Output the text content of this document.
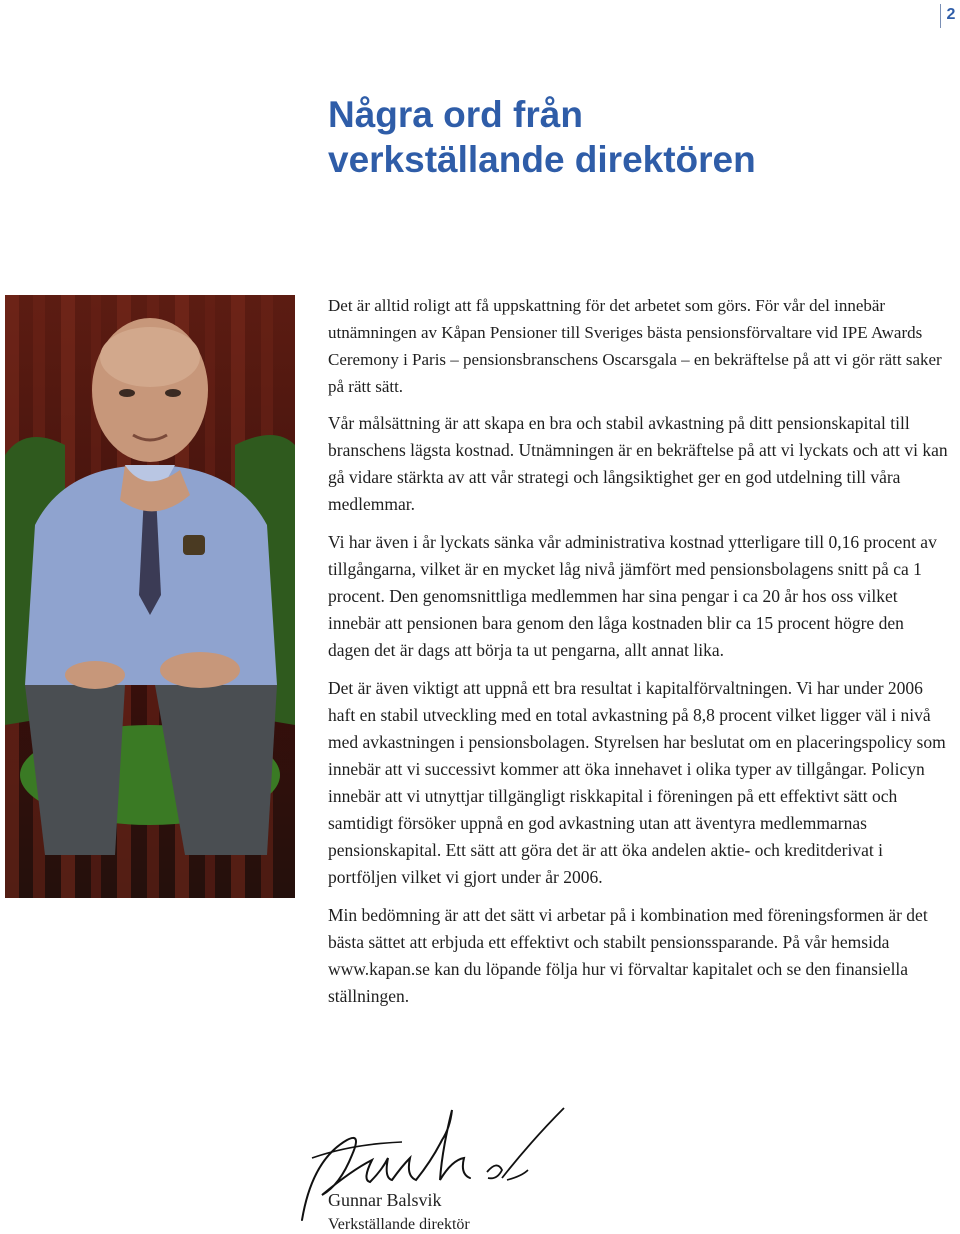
2
Några ord från
verkställande direktören

Det är alltid roligt att få uppskattning för det arbetet som görs. För vår del innebär utnämningen av Kåpan Pensioner till Sveriges bästa pensionsförvaltare vid IPE Awards Ceremony i Paris – pensionsbranschens Oscarsgala – en bekräftelse på att vi gör rätt saker på rätt sätt.

Vår målsättning är att skapa en bra och stabil avkastning på ditt pensionskapital till branschens lägsta kostnad. Utnämningen är en bekräftelse på att vi lyckats och att vi kan gå vidare stärkta av att vår strategi och långsiktighet ger en god utdelning till våra medlemmar.

Vi har även i år lyckats sänka vår administrativa kostnad ytterligare till 0,16 procent av tillgångarna, vilket är en mycket låg nivå jämfört med pensionsbolagens snitt på ca 1 procent. Den genomsnittliga medlemmen har sina pengar i ca 20 år hos oss vilket innebär att pensionen bara genom den låga kostnaden blir ca 15 procent högre den dagen det är dags att börja ta ut pengarna, allt annat lika.

Det är även viktigt att uppnå ett bra resultat i kapitalförvaltningen. Vi har under 2006 haft en stabil utveckling med en total avkastning på 8,8 procent vilket ligger väl i nivå med avkastningen i pensionsbolagen. Styrelsen har beslutat om en placeringspolicy som innebär att vi successivt kommer att öka innehavet i olika typer av tillgångar. Policyn innebär att vi utnyttjar tillgängligt riskkapital i föreningen på ett effektivt sätt och samtidigt försöker uppnå en god avkastning utan att äventyra medlemmarnas pensionskapital. Ett sätt att göra det är att öka andelen aktie- och kreditderivat i portföljen vilket vi gjort under år 2006.

Min bedömning är att det sätt vi arbetar på i kombination med föreningsformen är det bästa sättet att erbjuda ett effektivt och stabilt pensionssparande. På vår hemsida www.kapan.se kan du löpande följa hur vi förvaltar kapitalet och se den finansiella ställningen.

Gunnar Balsvik
Verkställande direktör
